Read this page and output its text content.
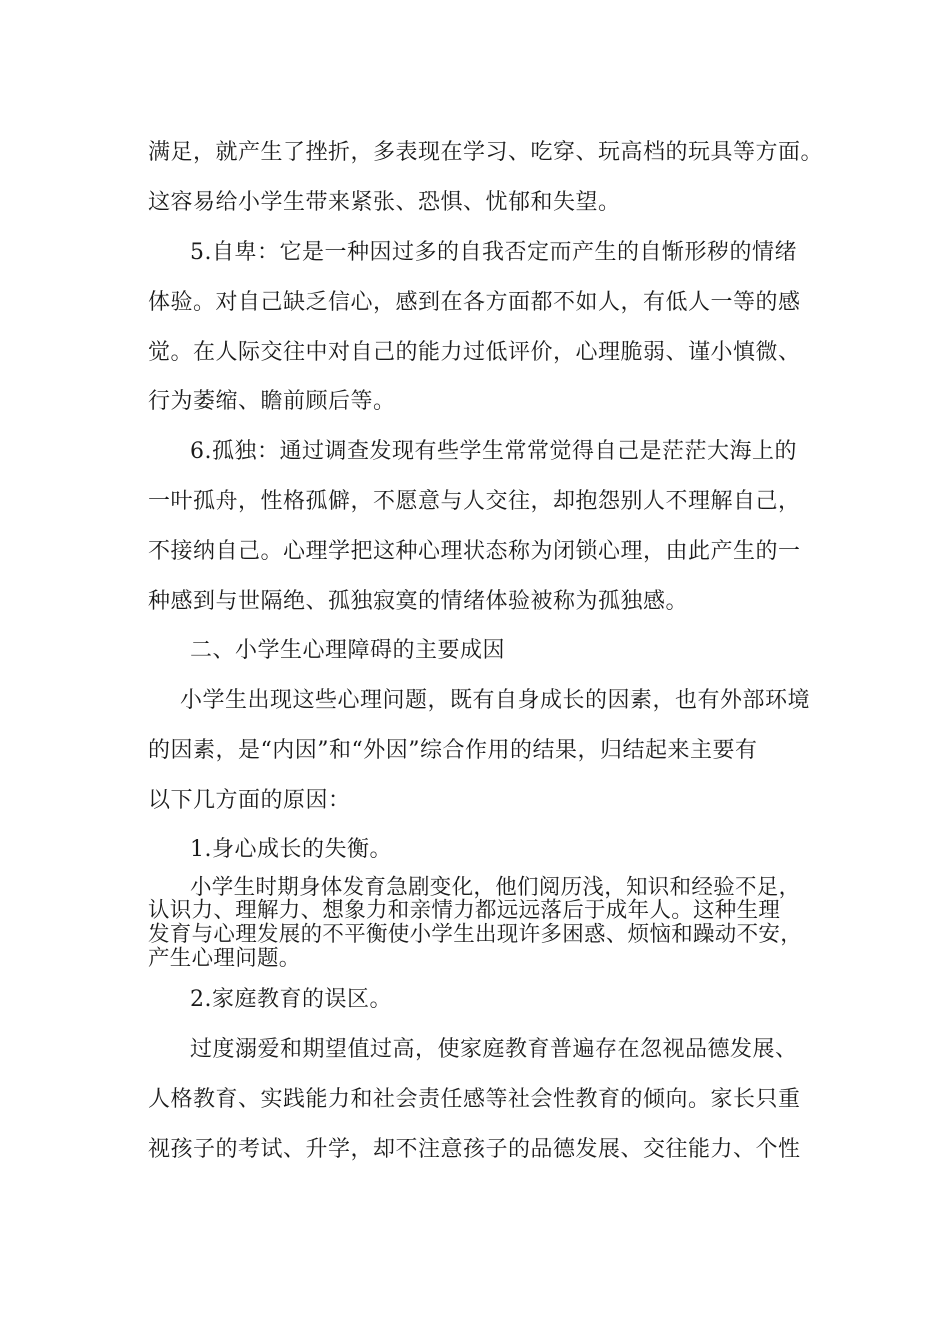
满足，就产生了挫折，多表现在学习、吃穿、玩高档的玩具等方面。
这容易给小学生带来紧张、恐惧、忧郁和失望。
5.自卑：它是一种因过多的自我否定而产生的自惭形秽的情绪
体验。对自己缺乏信心，感到在各方面都不如人，有低人一等的感
觉。在人际交往中对自己的能力过低评价，心理脆弱、谨小慎微、
行为萎缩、瞻前顾后等。
6.孤独：通过调查发现有些学生常常觉得自己是茫茫大海上的
一叶孤舟，性格孤僻，不愿意与人交往，却抱怨别人不理解自己，
不接纳自己。心理学把这种心理状态称为闭锁心理，由此产生的一
种感到与世隔绝、孤独寂寞的情绪体验被称为孤独感。
二、小学生心理障碍的主要成因
小学生出现这些心理问题，既有自身成长的因素，也有外部环境
的因素，是“内因”和“外因”综合作用的结果，归结起来主要有
以下几方面的原因：
1.身心成长的失衡。
小学生时期身体发育急剧变化，他们阅历浅，知识和经验不足，
认识力、理解力、想象力和亲情力都远远落后于成年人。这种生理
发育与心理发展的不平衡使小学生出现许多困惑、烦恼和躁动不安，
产生心理问题。
2.家庭教育的误区。
过度溺爱和期望值过高，使家庭教育普遍存在忽视品德发展、
人格教育、实践能力和社会责任感等社会性教育的倾向。家长只重
视孩子的考试、升学，却不注意孩子的品德发展、交往能力、个性
